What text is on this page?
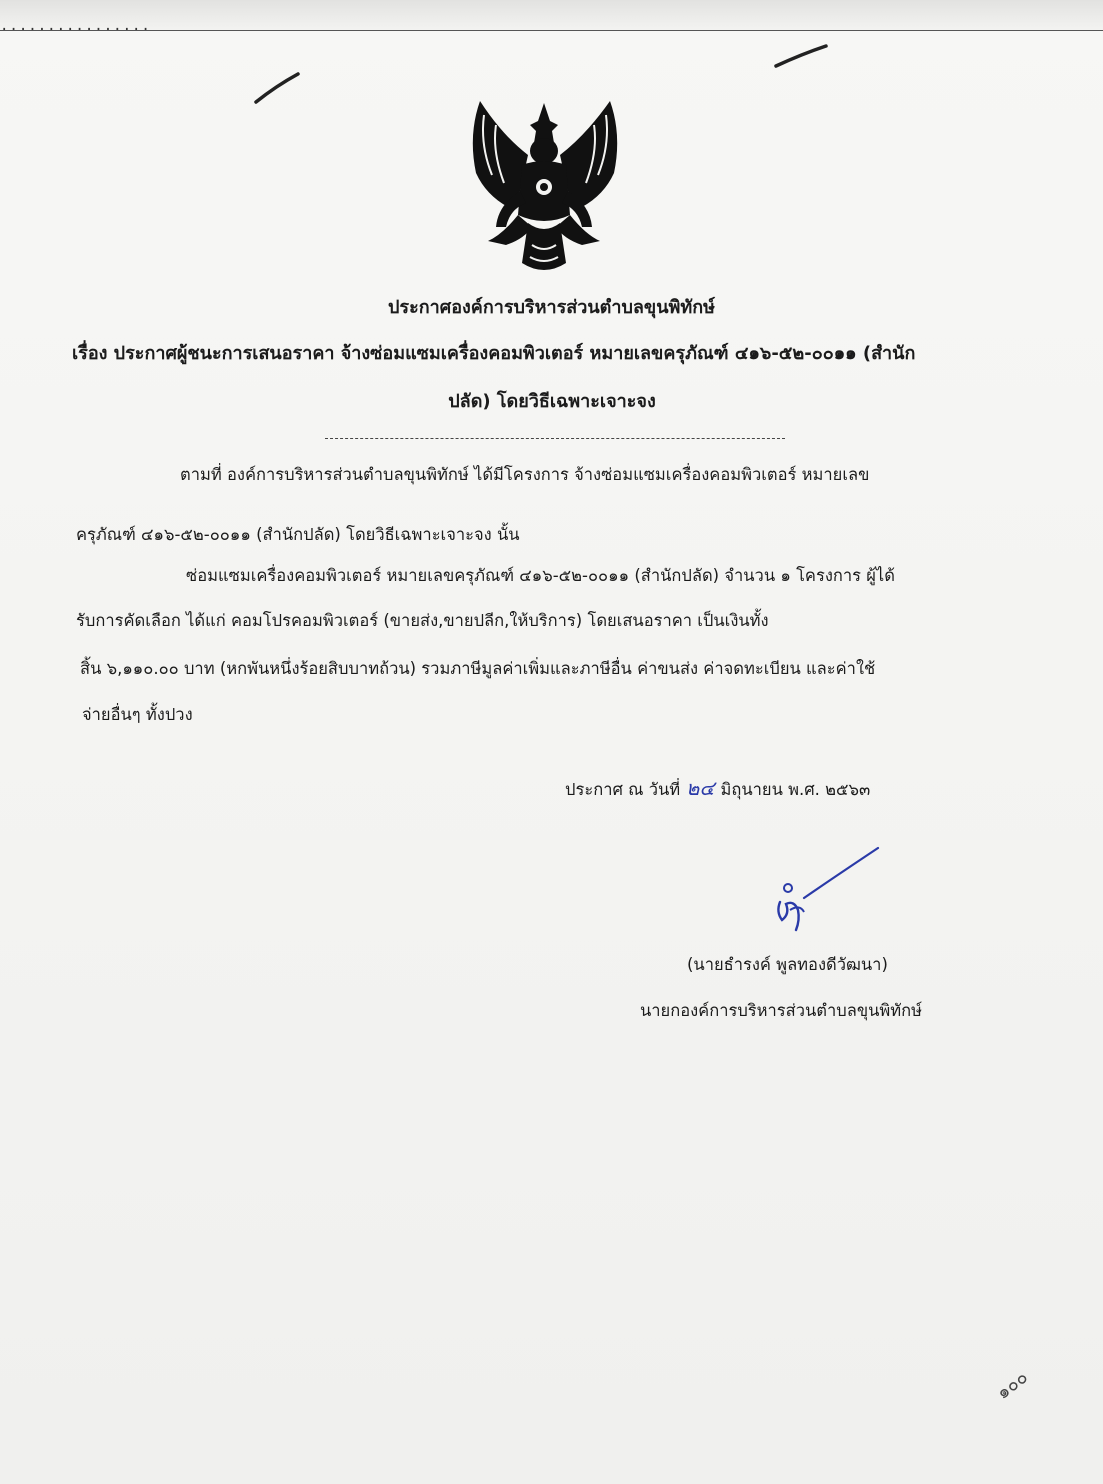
................
ประกาศองค์การบริหารส่วนตำบลขุนพิทักษ์
เรื่อง ประกาศผู้ชนะการเสนอราคา จ้างซ่อมแซมเครื่องคอมพิวเตอร์ หมายเลขครุภัณฑ์ ๔๑๖-๕๒-๐๐๑๑ (สำนัก
ปลัด) โดยวิธีเฉพาะเจาะจง
ตามที่ องค์การบริหารส่วนตำบลขุนพิทักษ์ ได้มีโครงการ จ้างซ่อมแซมเครื่องคอมพิวเตอร์ หมายเลข
ครุภัณฑ์ ๔๑๖-๕๒-๐๐๑๑ (สำนักปลัด) โดยวิธีเฉพาะเจาะจง นั้น
ซ่อมแซมเครื่องคอมพิวเตอร์ หมายเลขครุภัณฑ์ ๔๑๖-๕๒-๐๐๑๑ (สำนักปลัด) จำนวน ๑ โครงการ ผู้ได้
รับการคัดเลือก ได้แก่ คอมโปรคอมพิวเตอร์ (ขายส่ง,ขายปลีก,ให้บริการ) โดยเสนอราคา เป็นเงินทั้ง
สิ้น ๖,๑๑๐.๐๐ บาท (หกพันหนึ่งร้อยสิบบาทถ้วน) รวมภาษีมูลค่าเพิ่มและภาษีอื่น ค่าขนส่ง ค่าจดทะเบียน และค่าใช้
จ่ายอื่นๆ ทั้งปวง
ประกาศ ณ วันที่ ๒๔ มิถุนายน พ.ศ. ๒๕๖๓
(นายธำรงค์ พูลทองดีวัฒนา)
นายกองค์การบริหารส่วนตำบลขุนพิทักษ์
๑๐๐
